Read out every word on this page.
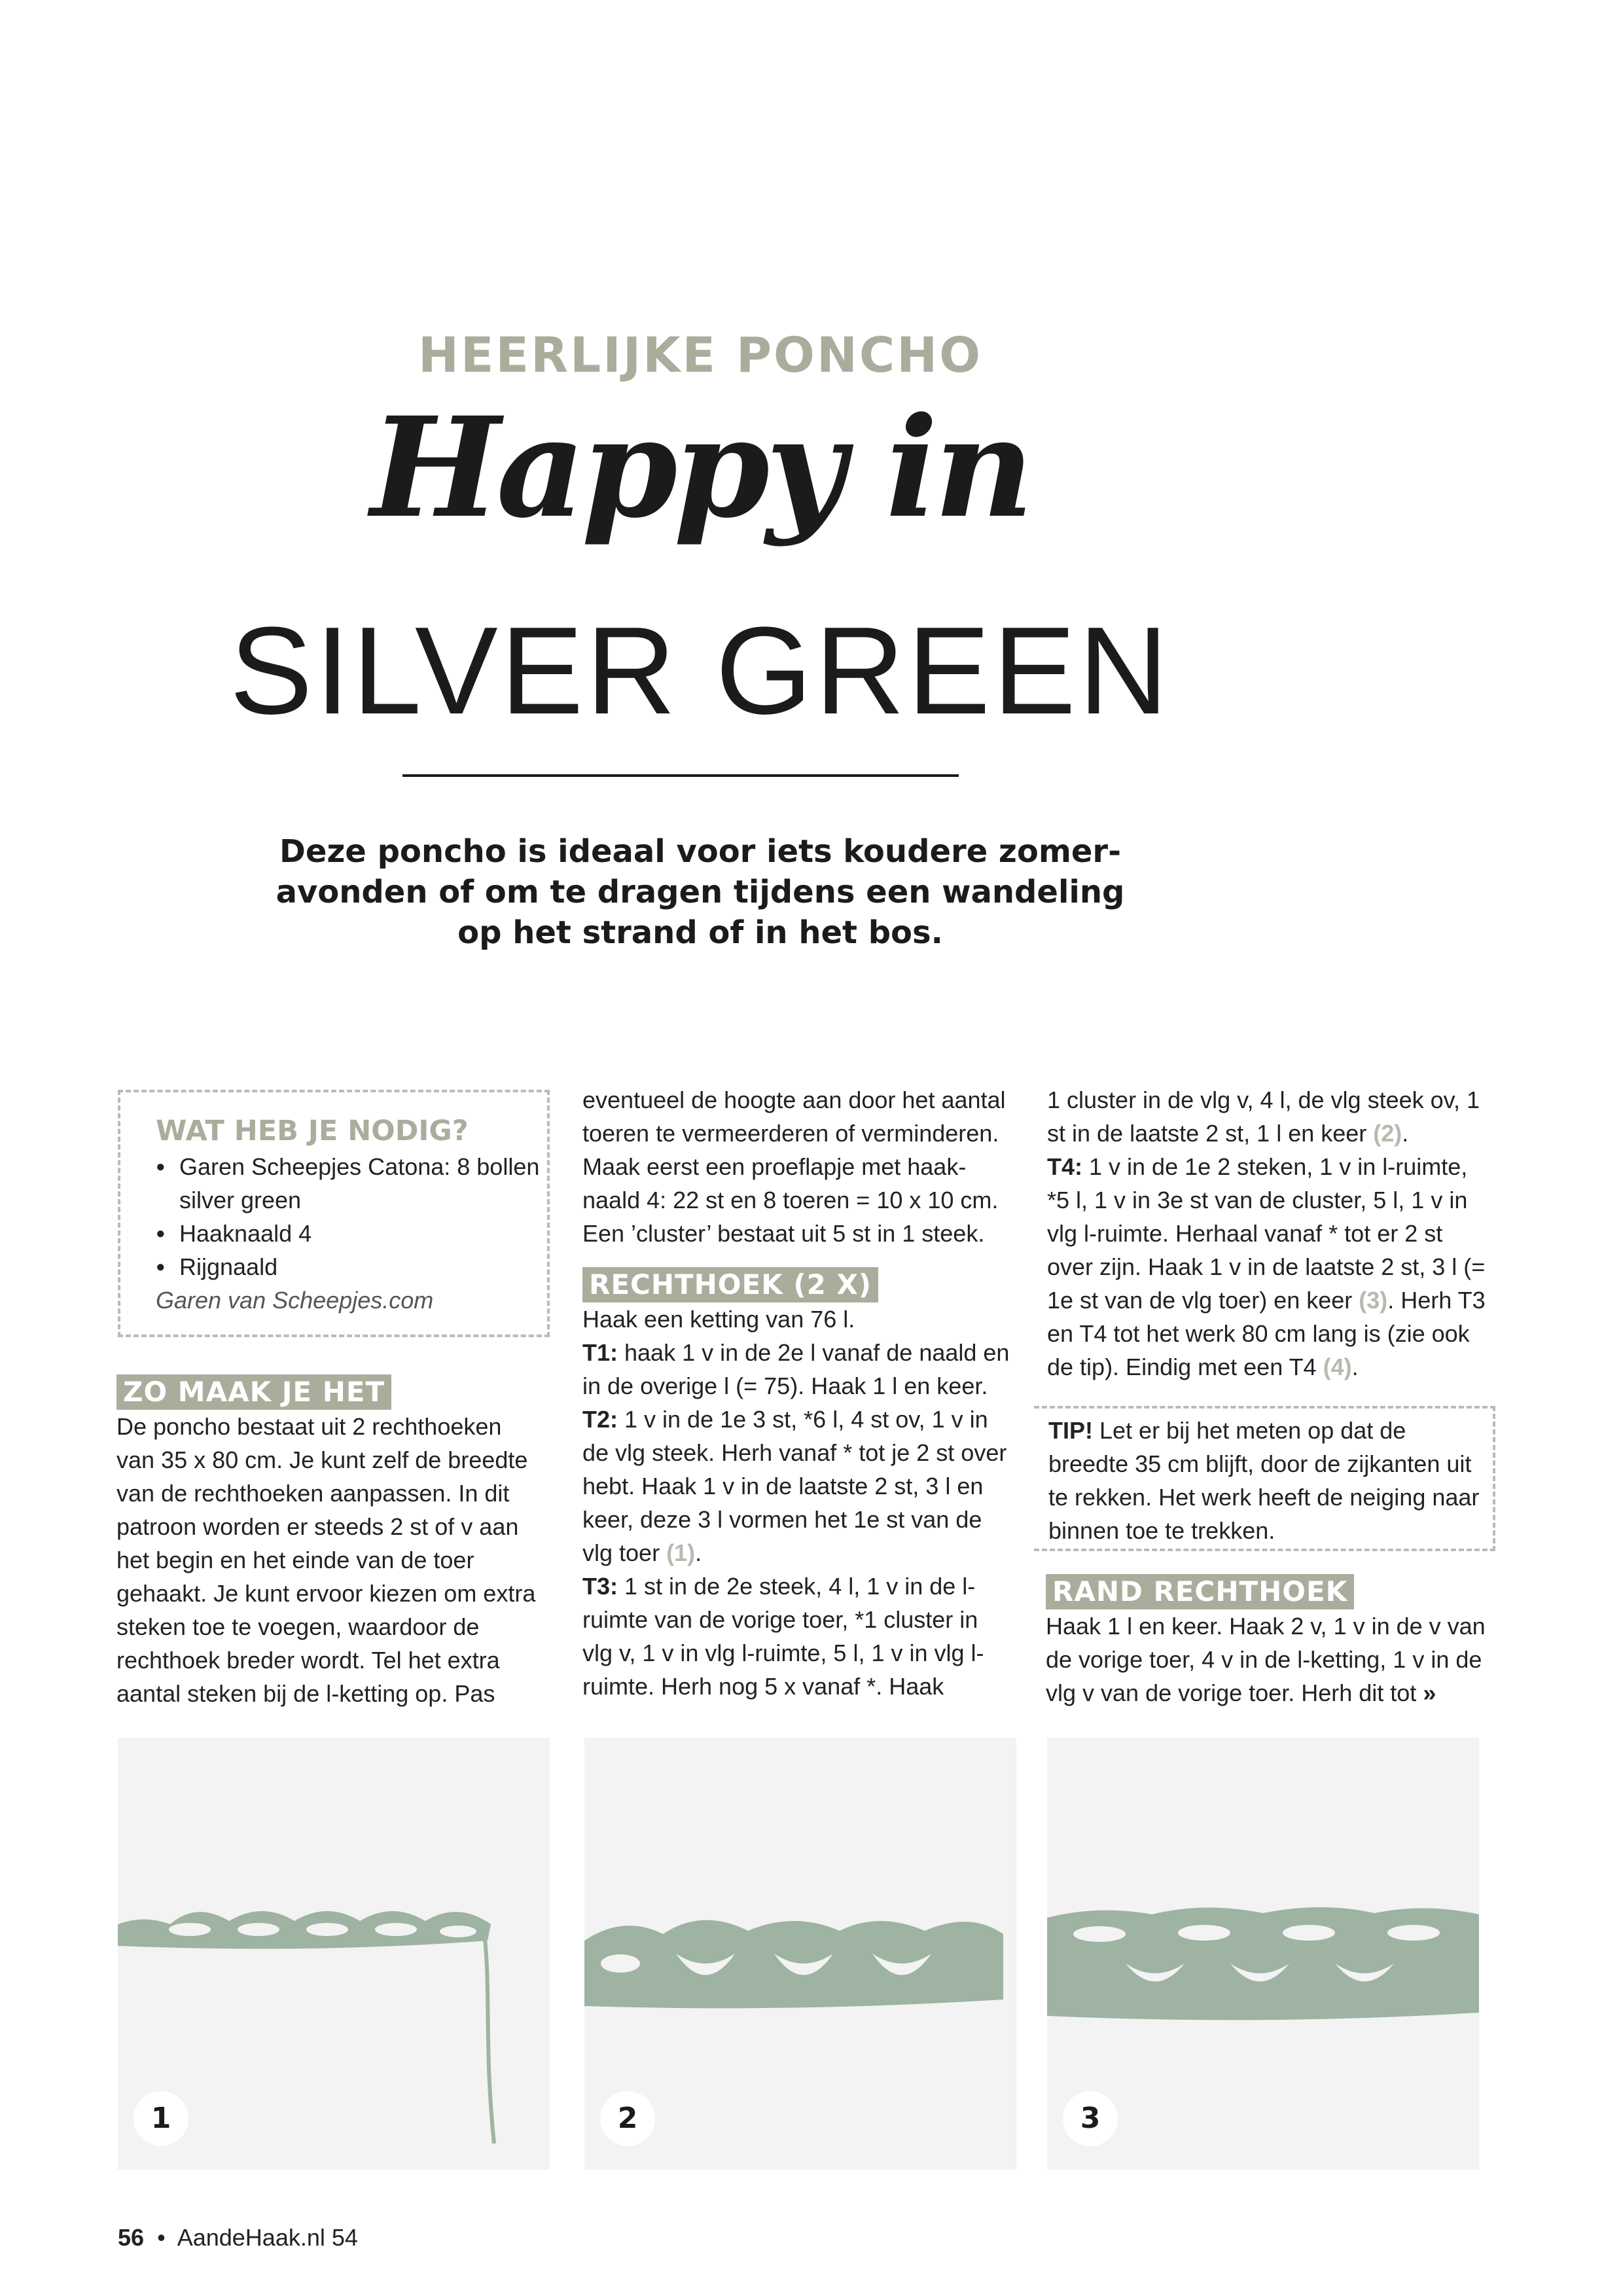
HEERLIJKE PONCHO
Happy in
SILVER GREEN
Deze poncho is ideaal voor iets koudere zomer-avonden of om te dragen tijdens een wandeling op het strand of in het bos.
WAT HEB JE NODIG?
● Garen Scheepjes Catona: 8 bollen silver green
● Haaknaald 4
● Rijgnaald
Garen van Scheepjes.com
ZO MAAK JE HET

De poncho bestaat uit 2 rechthoeken van 35 x 80 cm. Je kunt zelf de breedte van de rechthoeken aanpassen. In dit patroon worden er steeds 2 st of v aan het begin en het einde van de toer gehaakt. Je kunt ervoor kiezen om extra steken toe te voegen, waardoor de rechthoek breder wordt. Tel het extra aantal steken bij de l-ketting op. Pas

eventueel de hoogte aan door het aantal toeren te vermeerderen of verminderen. Maak eerst een proeflapje met haak-naald 4: 22 st en 8 toeren = 10 x 10 cm. Een ’cluster’ bestaat uit 5 st in 1 steek.

RECHTHOEK (2 X)

Haak een ketting van 76 l.

T1: haak 1 v in de 2e l vanaf de naald en in de overige l (= 75). Haak 1 l en keer.

T2: 1 v in de 1e 3 st, *6 l, 4 st ov, 1 v in de vlg steek. Herh vanaf * tot je 2 st over hebt. Haak 1 v in de laatste 2 st, 3 l en keer, deze 3 l vormen het 1e st van de vlg toer (1).

T3: 1 st in de 2e steek, 4 l, 1 v in de l-ruimte van de vorige toer, *1 cluster in vlg v, 1 v in vlg l-ruimte, 5 l, 1 v in vlg l-ruimte. Herh nog 5 x vanaf *. Haak

1 cluster in de vlg v, 4 l, de vlg steek ov, 1 st in de laatste 2 st, 1 l en keer (2).

T4: 1 v in de 1e 2 steken, 1 v in l-ruimte, *5 l, 1 v in 3e st van de cluster, 5 l, 1 v in vlg l-ruimte. Herhaal vanaf * tot er 2 st over zijn. Haak 1 v in de laatste 2 st, 3 l (= 1e st van de vlg toer) en keer (3). Herh T3 en T4 tot het werk 80 cm lang is (zie ook de tip). Eindig met een T4 (4).

TIP! Let er bij het meten op dat de breedte 35 cm blijft, door de zijkanten uit te rekken. Het werk heeft de neiging naar binnen toe te trekken.

RAND RECHTHOEK

Haak 1 l en keer. Haak 2 v, 1 v in de v van de vorige toer, 4 v in de l-ketting, 1 v in de vlg v van de vorige toer. Herh dit tot »

1	2	3
56 • AandeHaak.nl 54
